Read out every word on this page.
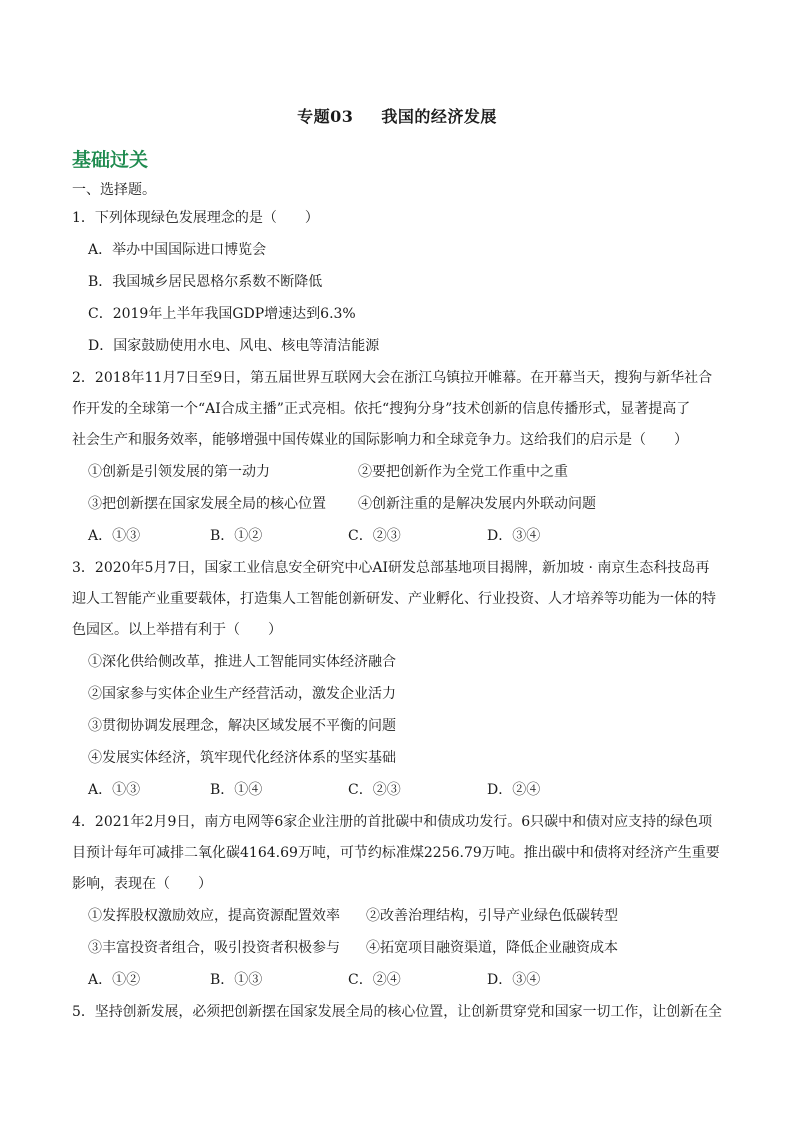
专题03 我国的经济发展
基础过关
一、选择题。
1．下列体现绿色发展理念的是（　　）
A．举办中国国际进口博览会
B．我国城乡居民恩格尔系数不断降低
C．2019年上半年我国GDP增速达到6.3%
D．国家鼓励使用水电、风电、核电等清洁能源
2．2018年11月7日至9日，第五届世界互联网大会在浙江乌镇拉开帷幕。在开幕当天，搜狗与新华社合
作开发的全球第一个“AI合成主播”正式亮相。依托“搜狗分身”技术创新的信息传播形式，显著提高了
社会生产和服务效率，能够增强中国传媒业的国际影响力和全球竞争力。这给我们的启示是（　　）
①创新是引领发展的第一动力	②要把创新作为全党工作重中之重
③把创新摆在国家发展全局的核心位置 ④创新注重的是解决发展内外联动问题
A．①③	B．①②	C．②③	D．③④
3．2020年5月7日，国家工业信息安全研究中心AI研发总部基地项目揭牌，新加坡 · 南京生态科技岛再
迎人工智能产业重要载体，打造集人工智能创新研发、产业孵化、行业投资、人才培养等功能为一体的特
色园区。以上举措有利于（　　）
①深化供给侧改革，推进人工智能同实体经济融合
②国家参与实体企业生产经营活动，激发企业活力
③贯彻协调发展理念，解决区域发展不平衡的问题
④发展实体经济，筑牢现代化经济体系的坚实基础
A．①③	B．①④	C．②③	D．②④
4．2021年2月9日，南方电网等6家企业注册的首批碳中和债成功发行。6只碳中和债对应支持的绿色项
目预计每年可减排二氧化碳4164.69万吨，可节约标准煤2256.79万吨。推出碳中和债将对经济产生重要
影响，表现在（　　）
①发挥股权激励效应，提高资源配置效率 ②改善治理结构，引导产业绿色低碳转型
③丰富投资者组合，吸引投资者积极参与 ④拓宽项目融资渠道，降低企业融资成本
A．①②	B．①③	C．②④	D．③④
5．坚持创新发展，必须把创新摆在国家发展全局的核心位置，让创新贯穿党和国家一切工作，让创新在全
